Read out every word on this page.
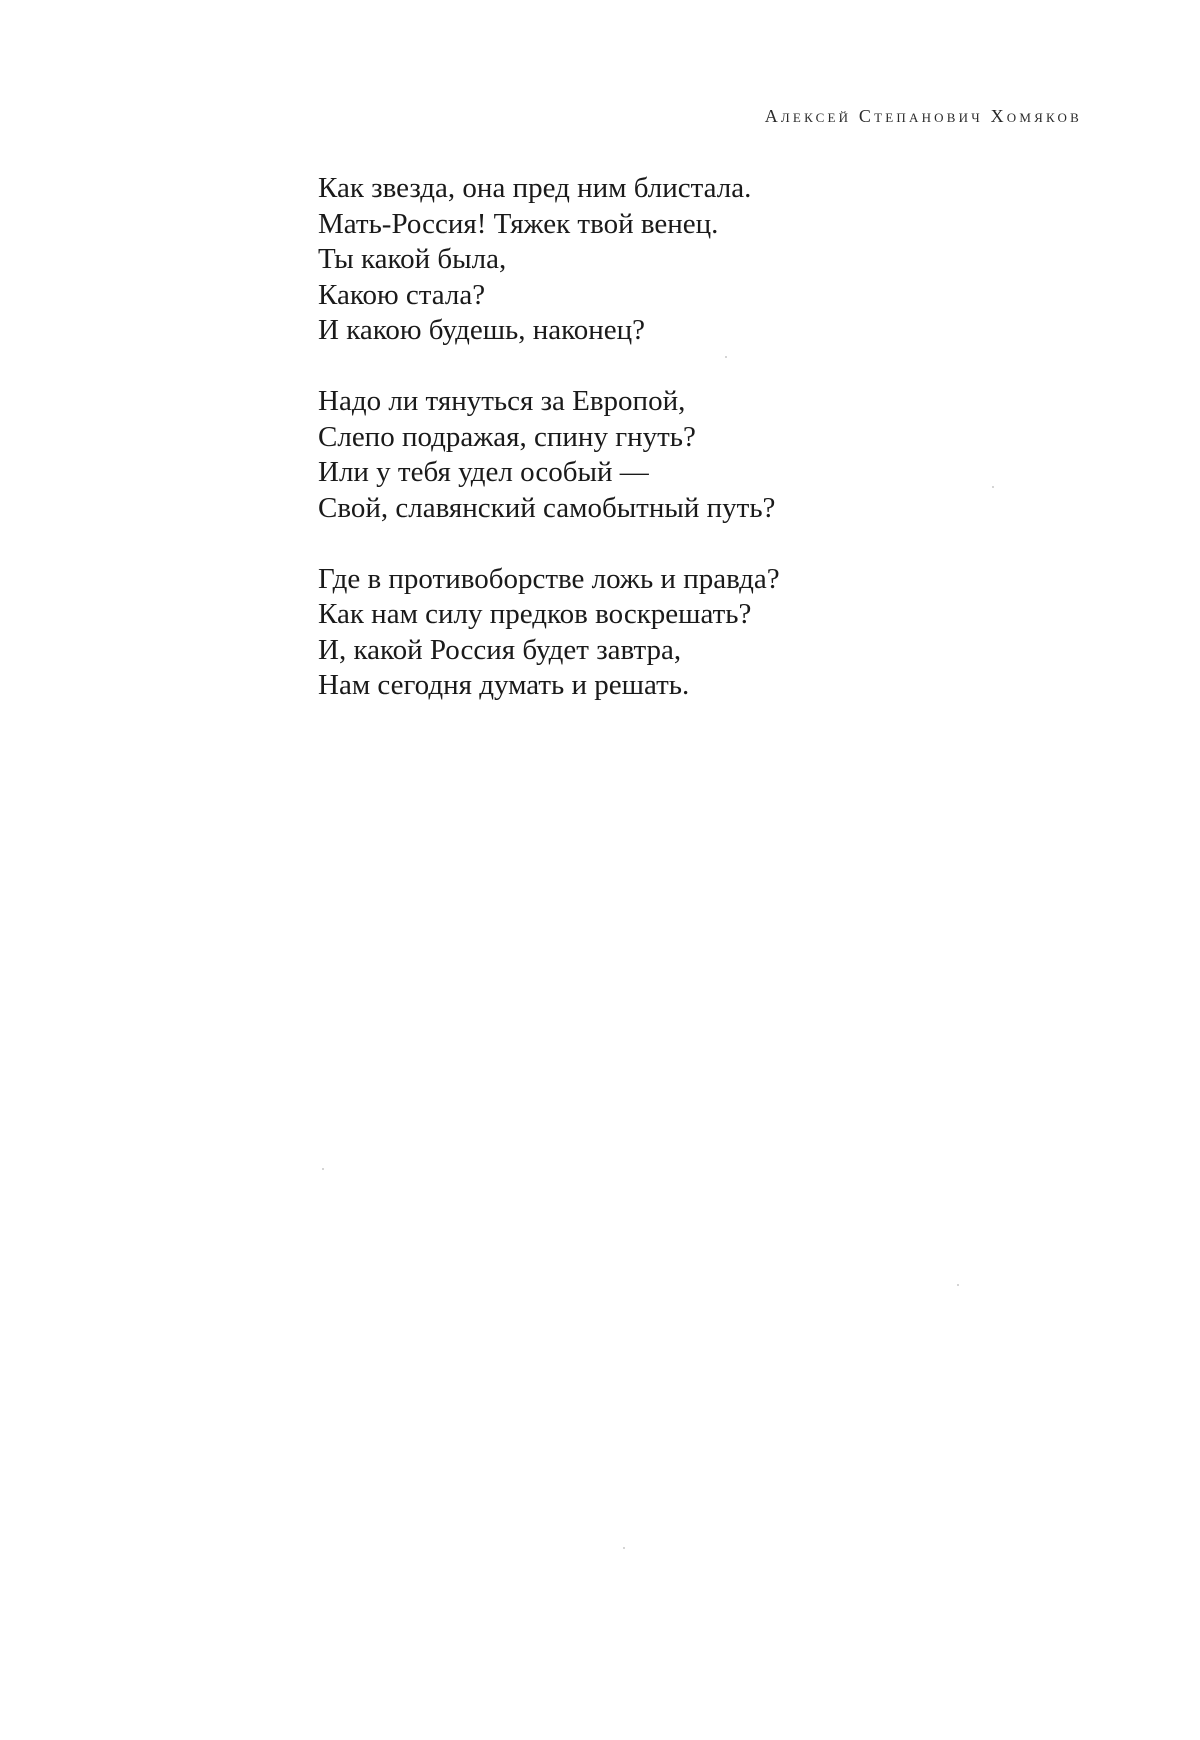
Алексей Степанович Хомяков
Как звезда, она пред ним блистала.
Мать-Россия! Тяжек твой венец.
Ты какой была,
Какою стала?
И какою будешь, наконец?
Надо ли тянуться за Европой,
Слепо подражая, спину гнуть?
Или у тебя удел особый —
Свой, славянский самобытный путь?
Где в противоборстве ложь и правда?
Как нам силу предков воскрешать?
И, какой Россия будет завтра,
Нам сегодня думать и решать.
